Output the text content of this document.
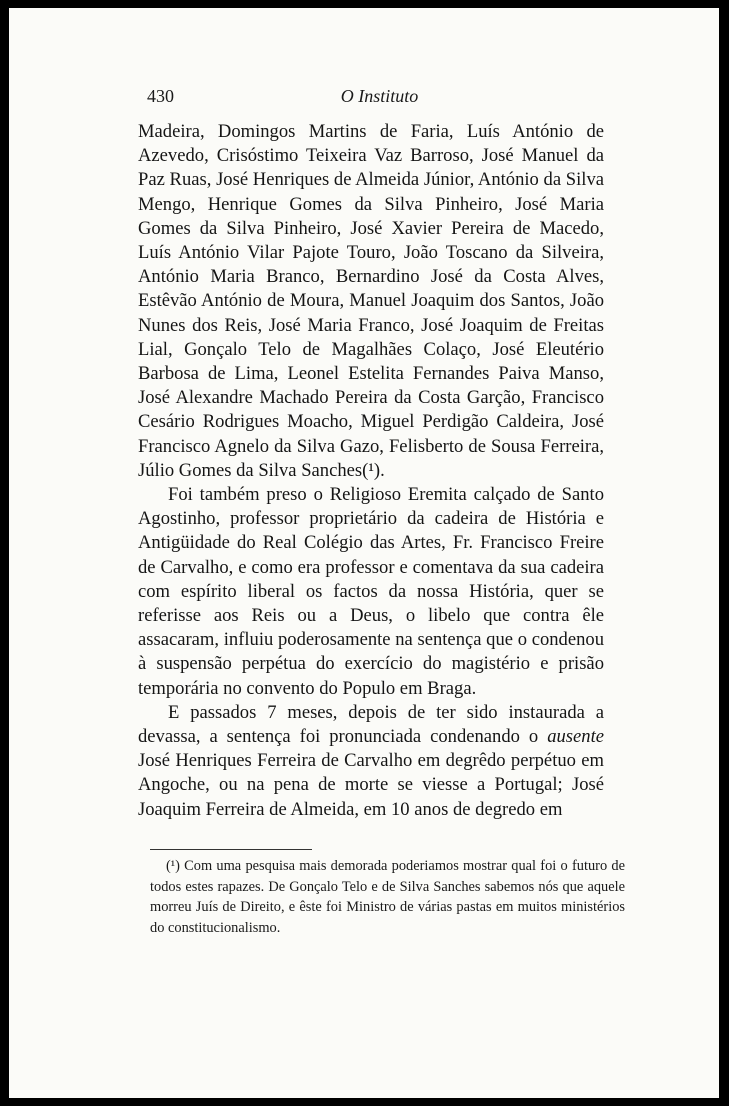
430	O Instituto

Madeira, Domingos Martins de Faria, Luís António de Azevedo, Crisóstimo Teixeira Vaz Barroso, José Manuel da Paz Ruas, José Henriques de Almeida Júnior, António da Silva Mengo, Henrique Gomes da Silva Pinheiro, José Maria Gomes da Silva Pinheiro, José Xavier Pereira de Macedo, Luís António Vilar Pajote Touro, João Toscano da Silveira, António Maria Branco, Bernardino José da Costa Alves, Estêvão António de Moura, Manuel Joaquim dos Santos, João Nunes dos Reis, José Maria Franco, José Joaquim de Freitas Lial, Gonçalo Telo de Magalhães Colaço, José Eleutério Barbosa de Lima, Leonel Estelita Fernandes Paiva Manso, José Alexandre Machado Pereira da Costa Garção, Francisco Cesário Rodrigues Moacho, Miguel Perdigão Caldeira, José Francisco Agnelo da Silva Gazo, Felisberto de Sousa Ferreira, Júlio Gomes da Silva Sanches(¹).

Foi também preso o Religioso Eremita calçado de Santo Agostinho, professor proprietário da cadeira de História e Antigüidade do Real Colégio das Artes, Fr. Francisco Freire de Carvalho, e como era professor e comentava da sua cadeira com espírito liberal os factos da nossa História, quer se referisse aos Reis ou a Deus, o libelo que contra êle assacaram, influiu poderosamente na sentença que o condenou à suspensão perpétua do exercício do magistério e prisão temporária no convento do Populo em Braga.

E passados 7 meses, depois de ter sido instaurada a devassa, a sentença foi pronunciada condenando o ausente José Henriques Ferreira de Carvalho em degrêdo perpétuo em Angoche, ou na pena de morte se viesse a Portugal; José Joaquim Ferreira de Almeida, em 10 anos de degredo em

(¹) Com uma pesquisa mais demorada poderiamos mostrar qual foi o futuro de todos estes rapazes. De Gonçalo Telo e de Silva Sanches sabemos nós que aquele morreu Juís de Direito, e êste foi Ministro de várias pastas em muitos ministérios do constitucionalismo.
